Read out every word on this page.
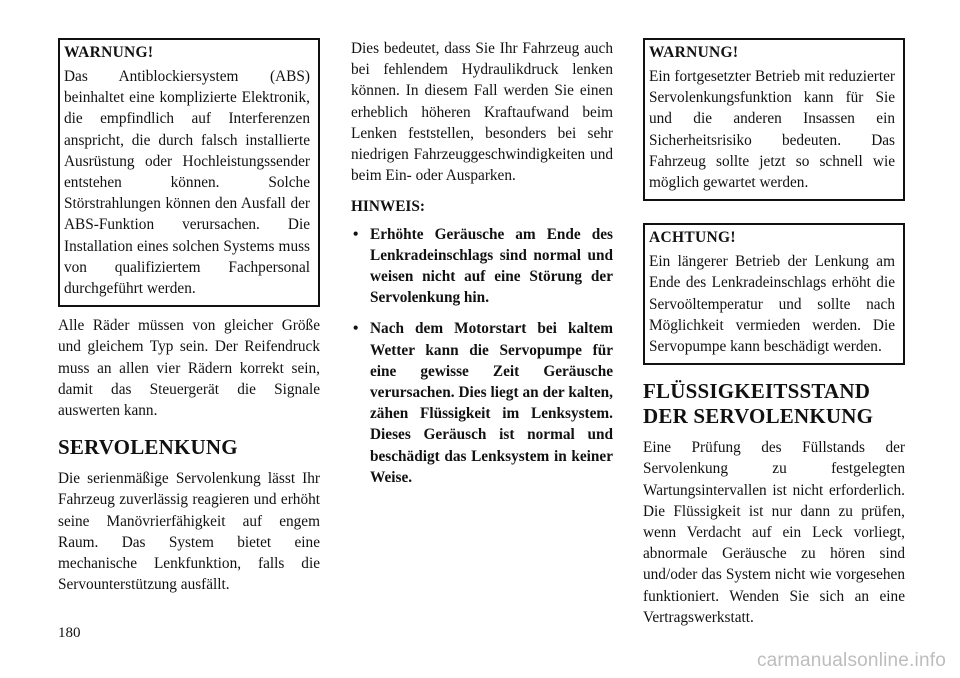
WARNUNG!

Das Antiblockiersystem (ABS) beinhaltet eine komplizierte Elektronik, die empfindlich auf Interferenzen anspricht, die durch falsch installierte Ausrüstung oder Hochleistungssender entstehen können. Solche Störstrahlungen können den Ausfall der ABS-Funktion verursachen. Die Installation eines solchen Systems muss von qualifiziertem Fachpersonal durchgeführt werden.

Alle Räder müssen von gleicher Größe und gleichem Typ sein. Der Reifendruck muss an allen vier Rädern korrekt sein, damit das Steuergerät die Signale auswerten kann.

SERVOLENKUNG

Die serienmäßige Servolenkung lässt Ihr Fahrzeug zuverlässig reagieren und erhöht seine Manövrierfähigkeit auf engem Raum. Das System bietet eine mechanische Lenkfunktion, falls die Servounterstützung ausfällt.

Dies bedeutet, dass Sie Ihr Fahrzeug auch bei fehlendem Hydraulikdruck lenken können. In diesem Fall werden Sie einen erheblich höheren Kraftaufwand beim Lenken feststellen, besonders bei sehr niedrigen Fahrzeuggeschwindigkeiten und beim Ein- oder Ausparken.

HINWEIS:
• Erhöhte Geräusche am Ende des Lenkradeinschlags sind normal und weisen nicht auf eine Störung der Servolenkung hin.
• Nach dem Motorstart bei kaltem Wetter kann die Servopumpe für eine gewisse Zeit Geräusche verursachen. Dies liegt an der kalten, zähen Flüssigkeit im Lenksystem. Dieses Geräusch ist normal und beschädigt das Lenksystem in keiner Weise.
WARNUNG!

Ein fortgesetzter Betrieb mit reduzierter Servolenkungsfunktion kann für Sie und die anderen Insassen ein Sicherheitsrisiko bedeuten. Das Fahrzeug sollte jetzt so schnell wie möglich gewartet werden.

ACHTUNG!

Ein längerer Betrieb der Lenkung am Ende des Lenkradeinschlags erhöht die Servoöltemperatur und sollte nach Möglichkeit vermieden werden. Die Servopumpe kann beschädigt werden.

FLÜSSIGKEITSSTAND
DER SERVOLENKUNG

Eine Prüfung des Füllstands der Servolenkung zu festgelegten Wartungsintervallen ist nicht erforderlich. Die Flüssigkeit ist nur dann zu prüfen, wenn Verdacht auf ein Leck vorliegt, abnormale Geräusche zu hören sind und/oder das System nicht wie vorgesehen funktioniert. Wenden Sie sich an eine Vertragswerkstatt.

180
carmanualsonline.info
